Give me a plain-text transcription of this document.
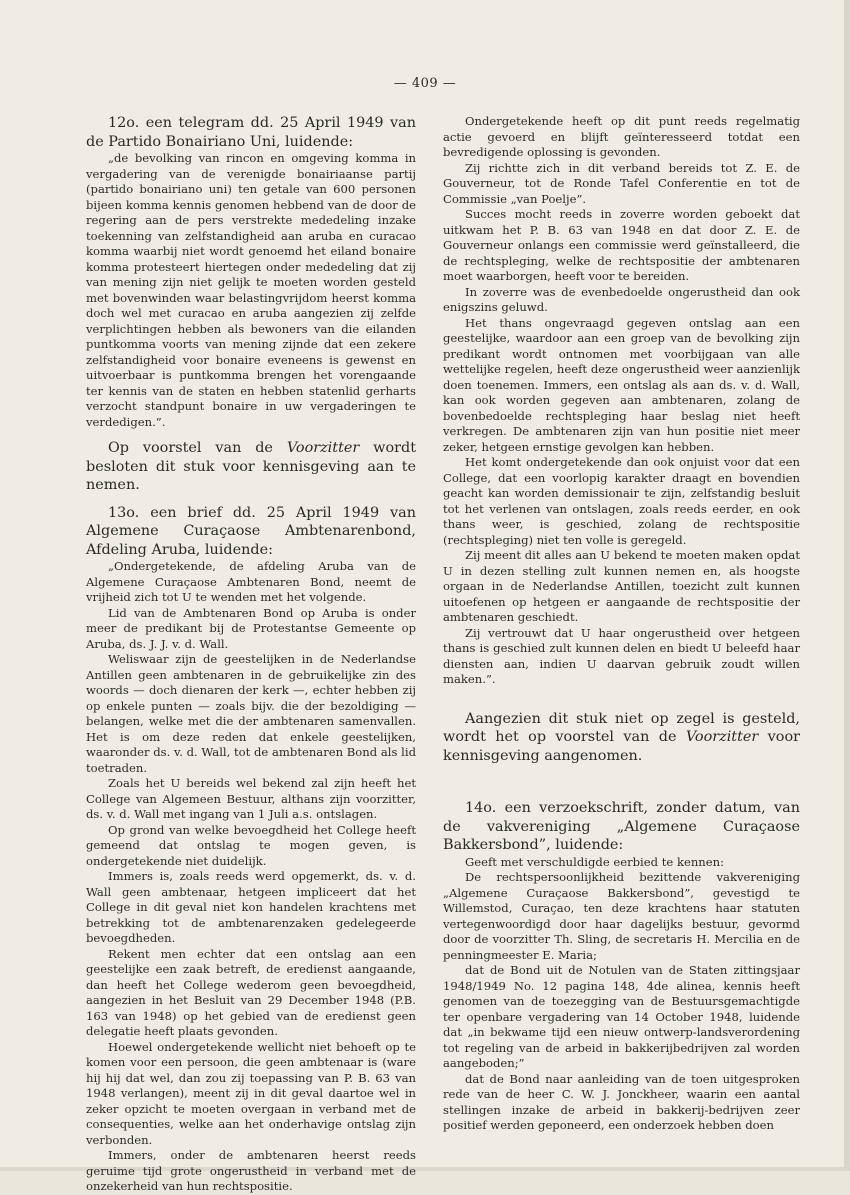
— 409 —

12o. een telegram dd. 25 April 1949 van de Partido Bonairiano Uni, luidende:

„de bevolking van rincon en omgeving komma in vergadering van de verenigde bonairiaanse partij (partido bonairiano uni) ten getale van 600 personen bijeen komma kennis genomen hebbend van de door de regering aan de pers verstrekte mededeling inzake toekenning van zelfstandigheid aan aruba en curacao komma waarbij niet wordt genoemd het eiland bonaire komma protesteert hiertegen onder mededeling dat zij van mening zijn niet gelijk te moeten worden gesteld met bovenwinden waar belastingvrijdom heerst komma doch wel met curacao en aruba aangezien zij zelfde verplichtingen hebben als bewoners van die eilanden puntkomma voorts van mening zijnde dat een zekere zelfstandigheid voor bonaire eveneens is gewenst en uitvoerbaar is puntkomma brengen het vorengaande ter kennis van de staten en hebben statenlid gerharts verzocht standpunt bonaire in uw vergaderingen te verdedigen.”.

Op voorstel van de Voorzitter wordt besloten dit stuk voor kennisgeving aan te nemen.

13o. een brief dd. 25 April 1949 van Algemene Curaçaose Ambtenarenbond, Afdeling Aruba, luidende:

„Ondergetekende, de afdeling Aruba van de Algemene Curaçaose Ambtenaren Bond, neemt de vrijheid zich tot U te wenden met het volgende.

Lid van de Ambtenaren Bond op Aruba is onder meer de predikant bij de Protestantse Gemeente op Aruba, ds. J. J. v. d. Wall.

Weliswaar zijn de geestelijken in de Nederlandse Antillen geen ambtenaren in de gebruikelijke zin des woords — doch dienaren der kerk —, echter hebben zij op enkele punten — zoals bijv. die der bezoldiging — belangen, welke met die der ambtenaren samenvallen. Het is om deze reden dat enkele geestelijken, waaronder ds. v. d. Wall, tot de ambtenaren Bond als lid toetraden.

Zoals het U bereids wel bekend zal zijn heeft het College van Algemeen Bestuur, althans zijn voorzitter, ds. v. d. Wall met ingang van 1 Juli a.s. ontslagen.

Op grond van welke bevoegdheid het College heeft gemeend dat ontslag te mogen geven, is ondergetekende niet duidelijk.

Immers is, zoals reeds werd opgemerkt, ds. v. d. Wall geen ambtenaar, hetgeen impliceert dat het College in dit geval niet kon handelen krachtens met betrekking tot de ambtenarenzaken gedelegeerde bevoegdheden.

Rekent men echter dat een ontslag aan een geestelijke een zaak betreft, de eredienst aangaande, dan heeft het College wederom geen bevoegdheid, aangezien in het Besluit van 29 December 1948 (P.B. 163 van 1948) op het gebied van de eredienst geen delegatie heeft plaats gevonden.

Hoewel ondergetekende wellicht niet behoeft op te komen voor een persoon, die geen ambtenaar is (ware hij hij dat wel, dan zou zij toepassing van P. B. 63 van 1948 verlangen), meent zij in dit geval daartoe wel in zeker opzicht te moeten overgaan in verband met de consequenties, welke aan het onderhavige ontslag zijn verbonden.

Immers, onder de ambtenaren heerst reeds geruime tijd grote ongerustheid in verband met de onzekerheid van hun rechtspositie.

Ondergetekende heeft op dit punt reeds regelmatig actie gevoerd en blijft geïnteresseerd totdat een bevredigende oplossing is gevonden.

Zij richtte zich in dit verband bereids tot Z. E. de Gouverneur, tot de Ronde Tafel Conferentie en tot de Commissie „van Poelje”.

Succes mocht reeds in zoverre worden geboekt dat uitkwam het P. B. 63 van 1948 en dat door Z. E. de Gouverneur onlangs een commissie werd geïnstalleerd, die de rechtspleging, welke de rechtspositie der ambtenaren moet waarborgen, heeft voor te bereiden.

In zoverre was de evenbedoelde ongerustheid dan ook enigszins geluwd.

Het thans ongevraagd gegeven ontslag aan een geestelijke, waardoor aan een groep van de bevolking zijn predikant wordt ontnomen met voorbijgaan van alle wettelijke regelen, heeft deze ongerustheid weer aanzienlijk doen toenemen. Immers, een ontslag als aan ds. v. d. Wall, kan ook worden gegeven aan ambtenaren, zolang de bovenbedoelde rechtspleging haar beslag niet heeft verkregen. De ambtenaren zijn van hun positie niet meer zeker, hetgeen ernstige gevolgen kan hebben.

Het komt ondergetekende dan ook onjuist voor dat een College, dat een voorlopig karakter draagt en bovendien geacht kan worden demissionair te zijn, zelfstandig besluit tot het verlenen van ontslagen, zoals reeds eerder, en ook thans weer, is geschied, zolang de rechtspositie (rechtspleging) niet ten volle is geregeld.

Zij meent dit alles aan U bekend te moeten maken opdat U in dezen stelling zult kunnen nemen en, als hoogste orgaan in de Nederlandse Antillen, toezicht zult kunnen uitoefenen op hetgeen er aangaande de rechtspositie der ambtenaren geschiedt.

Zij vertrouwt dat U haar ongerustheid over hetgeen thans is geschied zult kunnen delen en biedt U beleefd haar diensten aan, indien U daarvan gebruik zoudt willen maken.”.

Aangezien dit stuk niet op zegel is gesteld, wordt het op voorstel van de Voorzitter voor kennisgeving aangenomen.

14o. een verzoekschrift, zonder datum, van de vakvereniging „Algemene Curaçaose Bakkersbond”, luidende:

Geeft met verschuldigde eerbied te kennen:

De rechtspersoonlijkheid bezittende vakvereniging „Algemene Curaçaose Bakkersbond”, gevestigd te Willemstod, Curaçao, ten deze krachtens haar statuten vertegenwoordigd door haar dagelijks bestuur, gevormd door de voorzitter Th. Sling, de secretaris H. Mercilia en de penningmeester E. Maria;

dat de Bond uit de Notulen van de Staten zittingsjaar 1948/1949 No. 12 pagina 148, 4de alinea, kennis heeft genomen van de toezegging van de Bestuursgemachtigde ter openbare vergadering van 14 October 1948, luidende dat „in bekwame tijd een nieuw ontwerp-landsverordening tot regeling van de arbeid in bakkerijbedrijven zal worden aangeboden;”

dat de Bond naar aanleiding van de toen uitgesproken rede van de heer C. W. J. Jonckheer, waarin een aantal stellingen inzake de arbeid in bakkerij-bedrijven zeer positief werden geponeerd, een onderzoek hebben doen
